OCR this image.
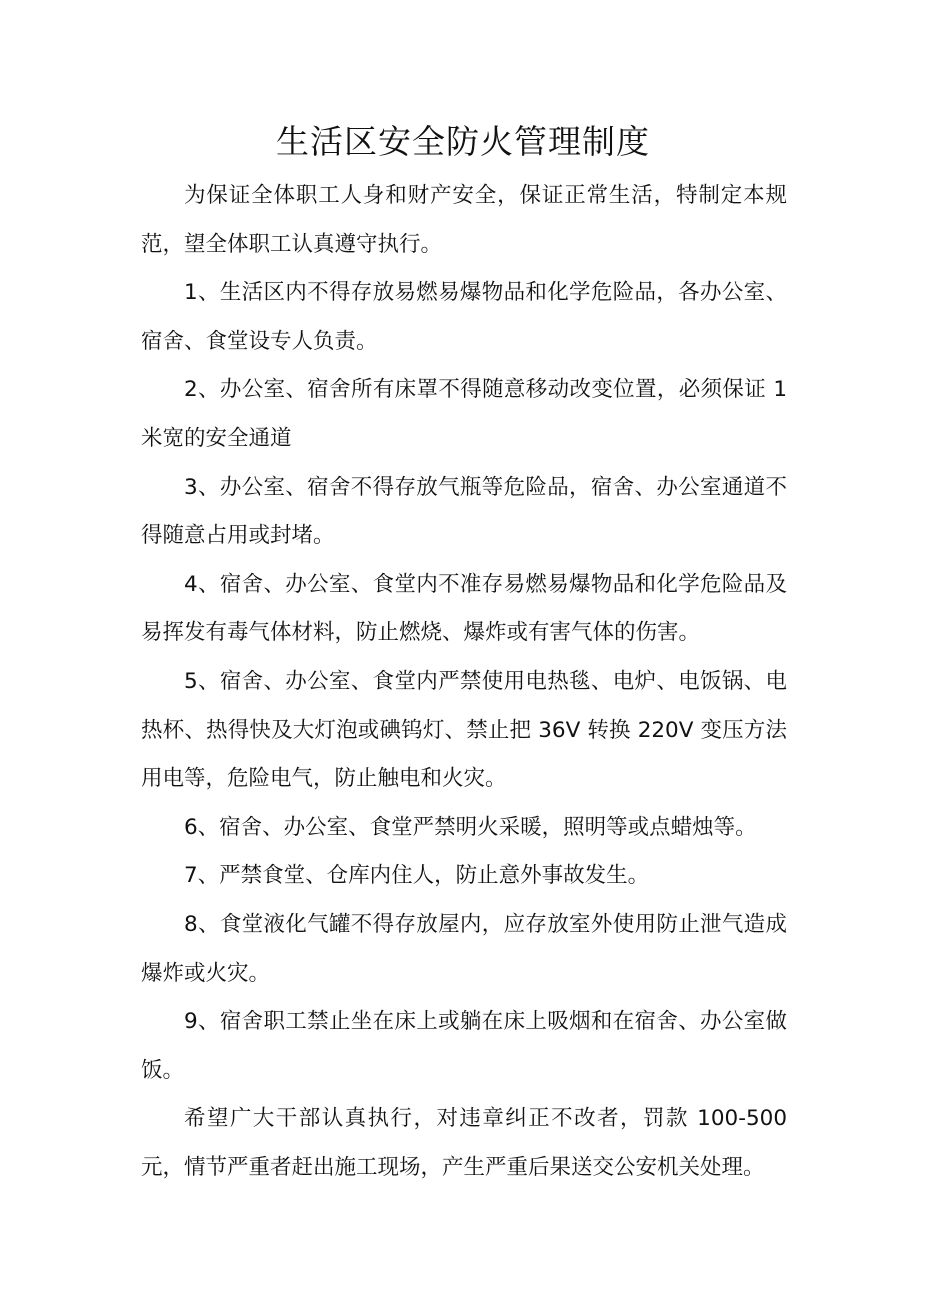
生活区安全防火管理制度

为保证全体职工人身和财产安全，保证正常生活，特制定本规范，望全体职工认真遵守执行。

1、生活区内不得存放易燃易爆物品和化学危险品，各办公室、宿舍、食堂设专人负责。

2、办公室、宿舍所有床罩不得随意移动改变位置，必须保证 1 米宽的安全通道

3、办公室、宿舍不得存放气瓶等危险品，宿舍、办公室通道不得随意占用或封堵。

4、宿舍、办公室、食堂内不准存易燃易爆物品和化学危险品及易挥发有毒气体材料，防止燃烧、爆炸或有害气体的伤害。

5、宿舍、办公室、食堂内严禁使用电热毯、电炉、电饭锅、电热杯、热得快及大灯泡或碘钨灯、禁止把 36V 转换 220V 变压方法用电等，危险电气，防止触电和火灾。

6、宿舍、办公室、食堂严禁明火采暖，照明等或点蜡烛等。

7、严禁食堂、仓库内住人，防止意外事故发生。

8、食堂液化气罐不得存放屋内，应存放室外使用防止泄气造成爆炸或火灾。

9、宿舍职工禁止坐在床上或躺在床上吸烟和在宿舍、办公室做饭。

希望广大干部认真执行，对违章纠正不改者，罚款 100-500 元，情节严重者赶出施工现场，产生严重后果送交公安机关处理。
